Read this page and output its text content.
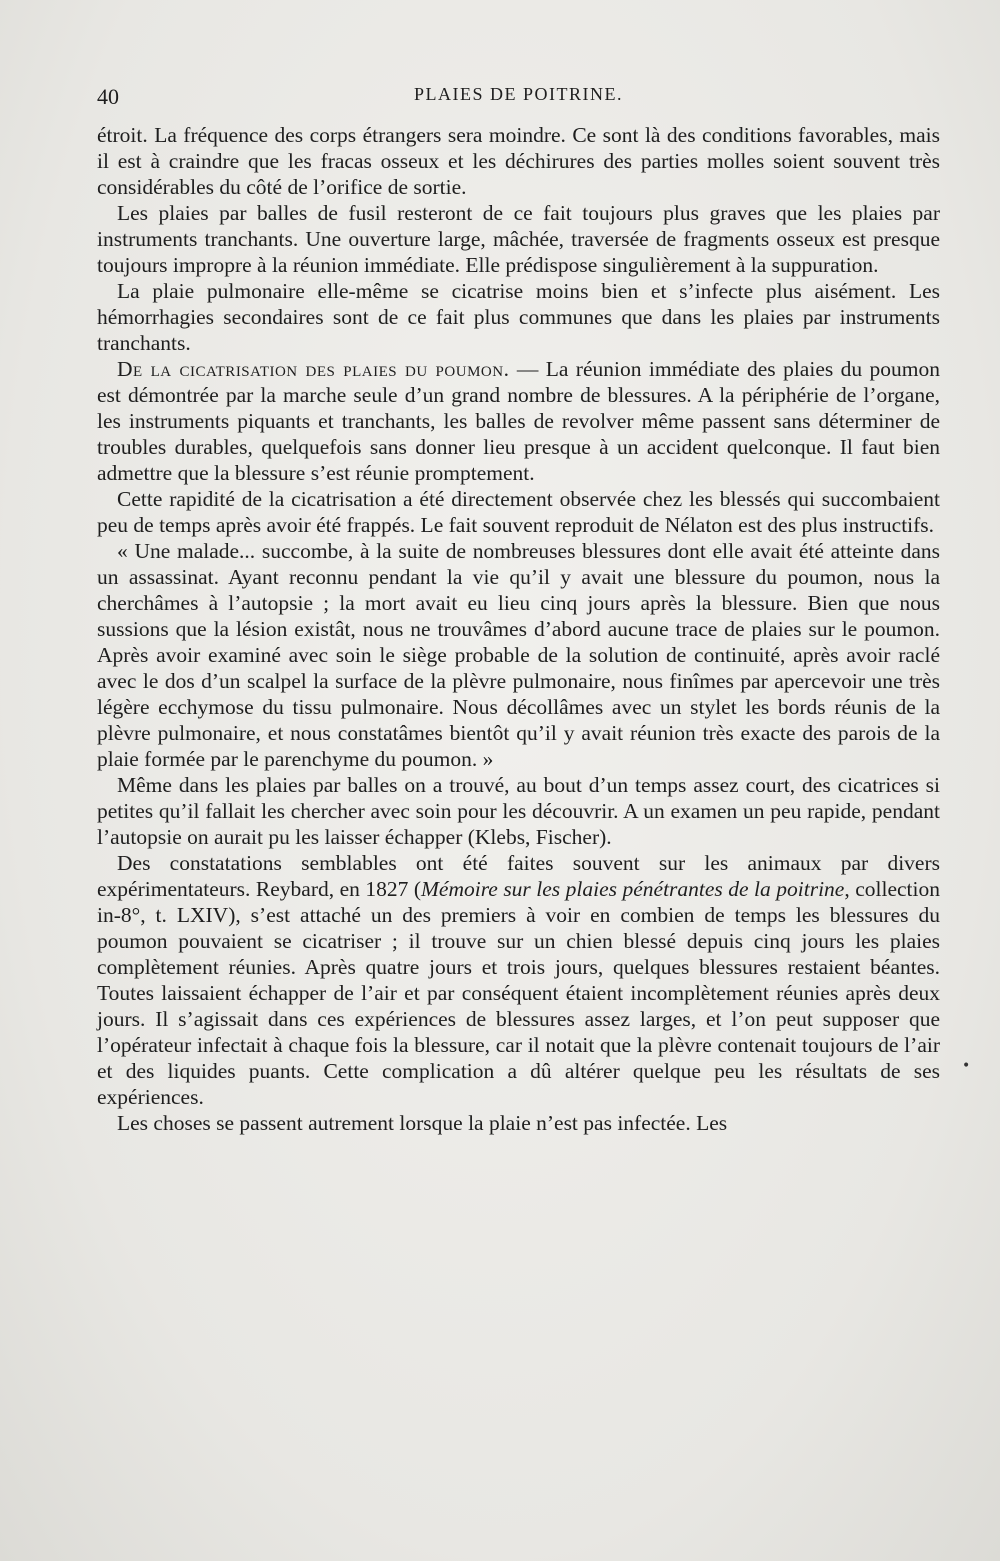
40	PLAIES DE POITRINE.

étroit. La fréquence des corps étrangers sera moindre. Ce sont là des conditions favorables, mais il est à craindre que les fracas osseux et les déchirures des parties molles soient souvent très considérables du côté de l’orifice de sortie.

Les plaies par balles de fusil resteront de ce fait toujours plus graves que les plaies par instruments tranchants. Une ouverture large, mâchée, traversée de fragments osseux est presque toujours impropre à la réunion immédiate. Elle prédispose singulièrement à la suppuration.

La plaie pulmonaire elle-même se cicatrise moins bien et s’infecte plus aisément. Les hémorrhagies secondaires sont de ce fait plus communes que dans les plaies par instruments tranchants.

De la cicatrisation des plaies du poumon. — La réunion immédiate des plaies du poumon est démontrée par la marche seule d’un grand nombre de blessures. A la périphérie de l’organe, les instruments piquants et tranchants, les balles de revolver même passent sans déterminer de troubles durables, quelquefois sans donner lieu presque à un accident quelconque. Il faut bien admettre que la blessure s’est réunie promptement.

Cette rapidité de la cicatrisation a été directement observée chez les blessés qui succombaient peu de temps après avoir été frappés. Le fait souvent reproduit de Nélaton est des plus instructifs.

« Une malade... succombe, à la suite de nombreuses blessures dont elle avait été atteinte dans un assassinat. Ayant reconnu pendant la vie qu’il y avait une blessure du poumon, nous la cherchâmes à l’autopsie ; la mort avait eu lieu cinq jours après la blessure. Bien que nous sussions que la lésion existât, nous ne trouvâmes d’abord aucune trace de plaies sur le poumon. Après avoir examiné avec soin le siège probable de la solution de continuité, après avoir raclé avec le dos d’un scalpel la surface de la plèvre pulmonaire, nous finîmes par apercevoir une très légère ecchymose du tissu pulmonaire. Nous décollâmes avec un stylet les bords réunis de la plèvre pulmonaire, et nous constatâmes bientôt qu’il y avait réunion très exacte des parois de la plaie formée par le parenchyme du poumon. »

Même dans les plaies par balles on a trouvé, au bout d’un temps assez court, des cicatrices si petites qu’il fallait les chercher avec soin pour les découvrir. A un examen un peu rapide, pendant l’autopsie on aurait pu les laisser échapper (Klebs, Fischer).

Des constatations semblables ont été faites souvent sur les animaux par divers expérimentateurs. Reybard, en 1827 (Mémoire sur les plaies pénétrantes de la poitrine, collection in-8°, t. LXIV), s’est attaché un des premiers à voir en combien de temps les blessures du poumon pouvaient se cicatriser ; il trouve sur un chien blessé depuis cinq jours les plaies complètement réunies. Après quatre jours et trois jours, quelques blessures restaient béantes. Toutes laissaient échapper de l’air et par conséquent étaient incomplètement réunies après deux jours. Il s’agissait dans ces expériences de blessures assez larges, et l’on peut supposer que l’opérateur infectait à chaque fois la blessure, car il notait que la plèvre contenait toujours de l’air et des liquides puants. Cette complication a dû altérer quelque peu les résultats de ses expériences.

Les choses se passent autrement lorsque la plaie n’est pas infectée. Les

•
